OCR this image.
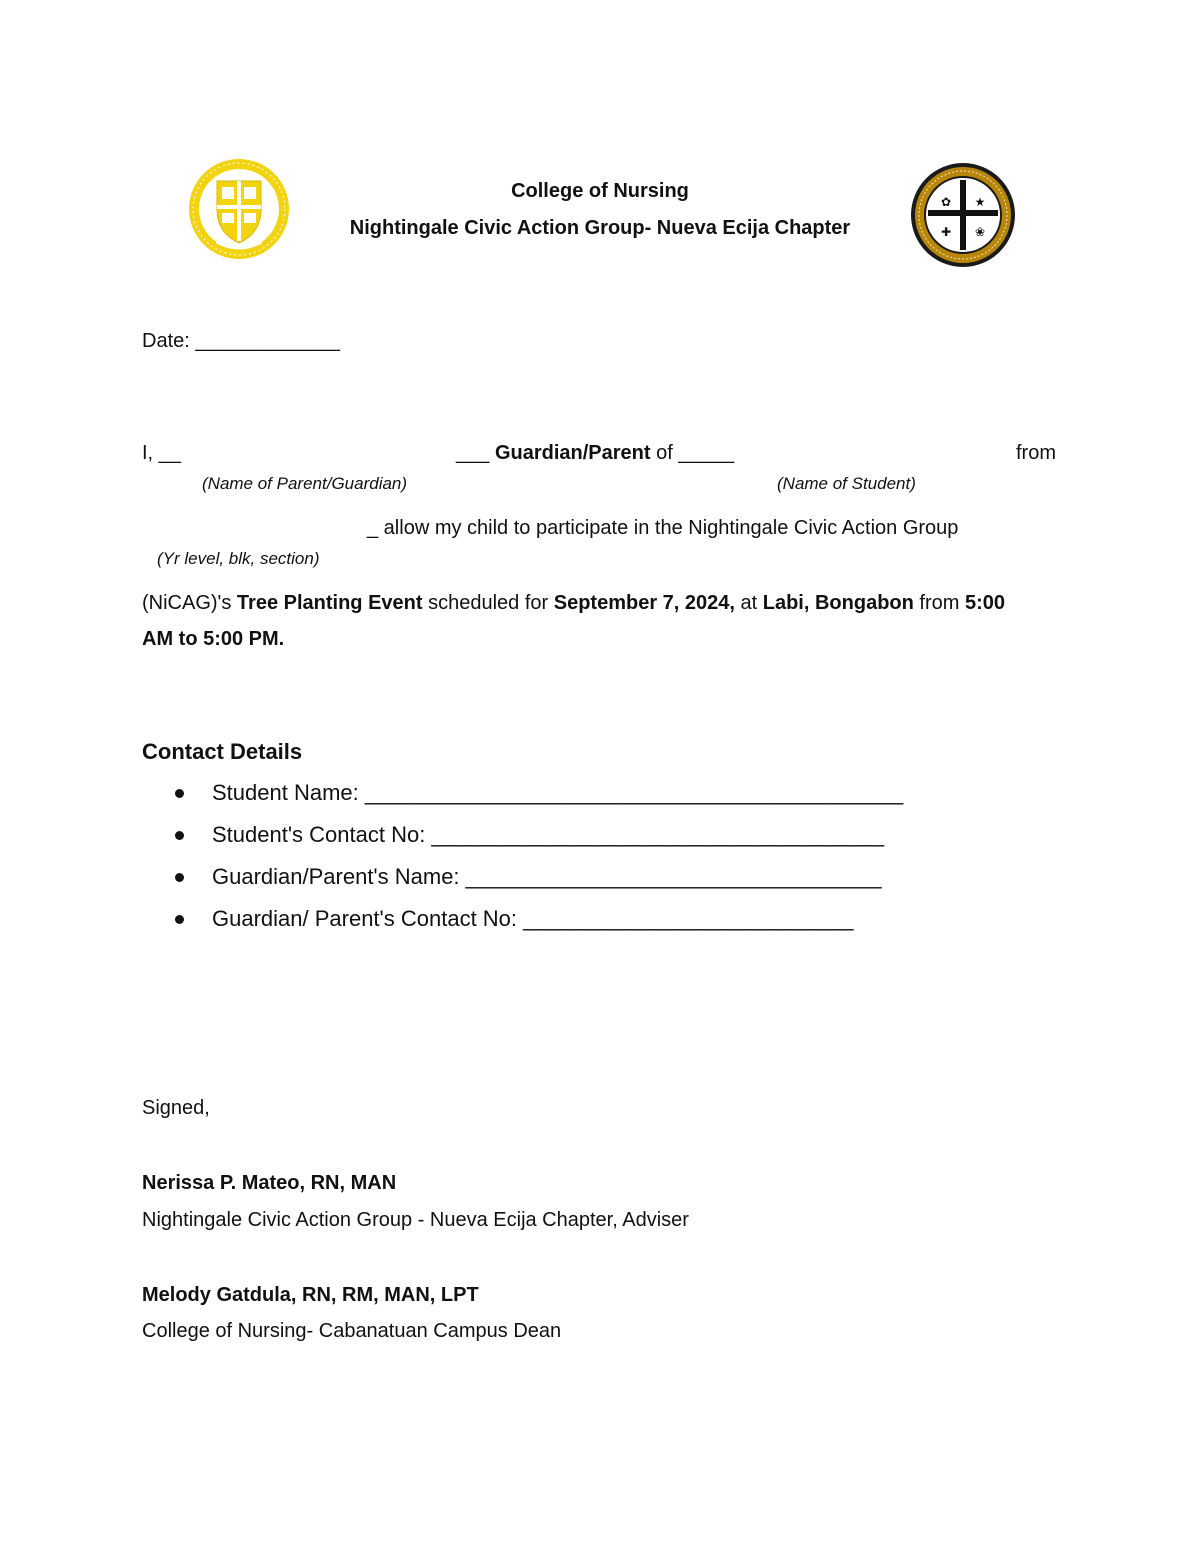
College of Nursing
Nightingale Civic Action Group- Nueva Ecija Chapter
✿ ★
✚ ❀
Date: _____________
I, __	___ Guardian/Parent of _____	from
(Name of Parent/Guardian)	(Name of Student)
_ allow my child to participate in the Nightingale Civic Action Group
(Yr level, blk, section)
(NiCAG)'s Tree Planting Event scheduled for September 7, 2024, at Labi, Bongabon from 5:00
AM to 5:00 PM.
Contact Details
Student Name: ____________________________________________
Student's Contact No: _____________________________________
Guardian/Parent's Name: __________________________________
Guardian/ Parent's Contact No: ___________________________
Signed,
Nerissa P. Mateo, RN, MAN
Nightingale Civic Action Group - Nueva Ecija Chapter, Adviser
Melody Gatdula, RN, RM, MAN, LPT
College of Nursing- Cabanatuan Campus Dean
